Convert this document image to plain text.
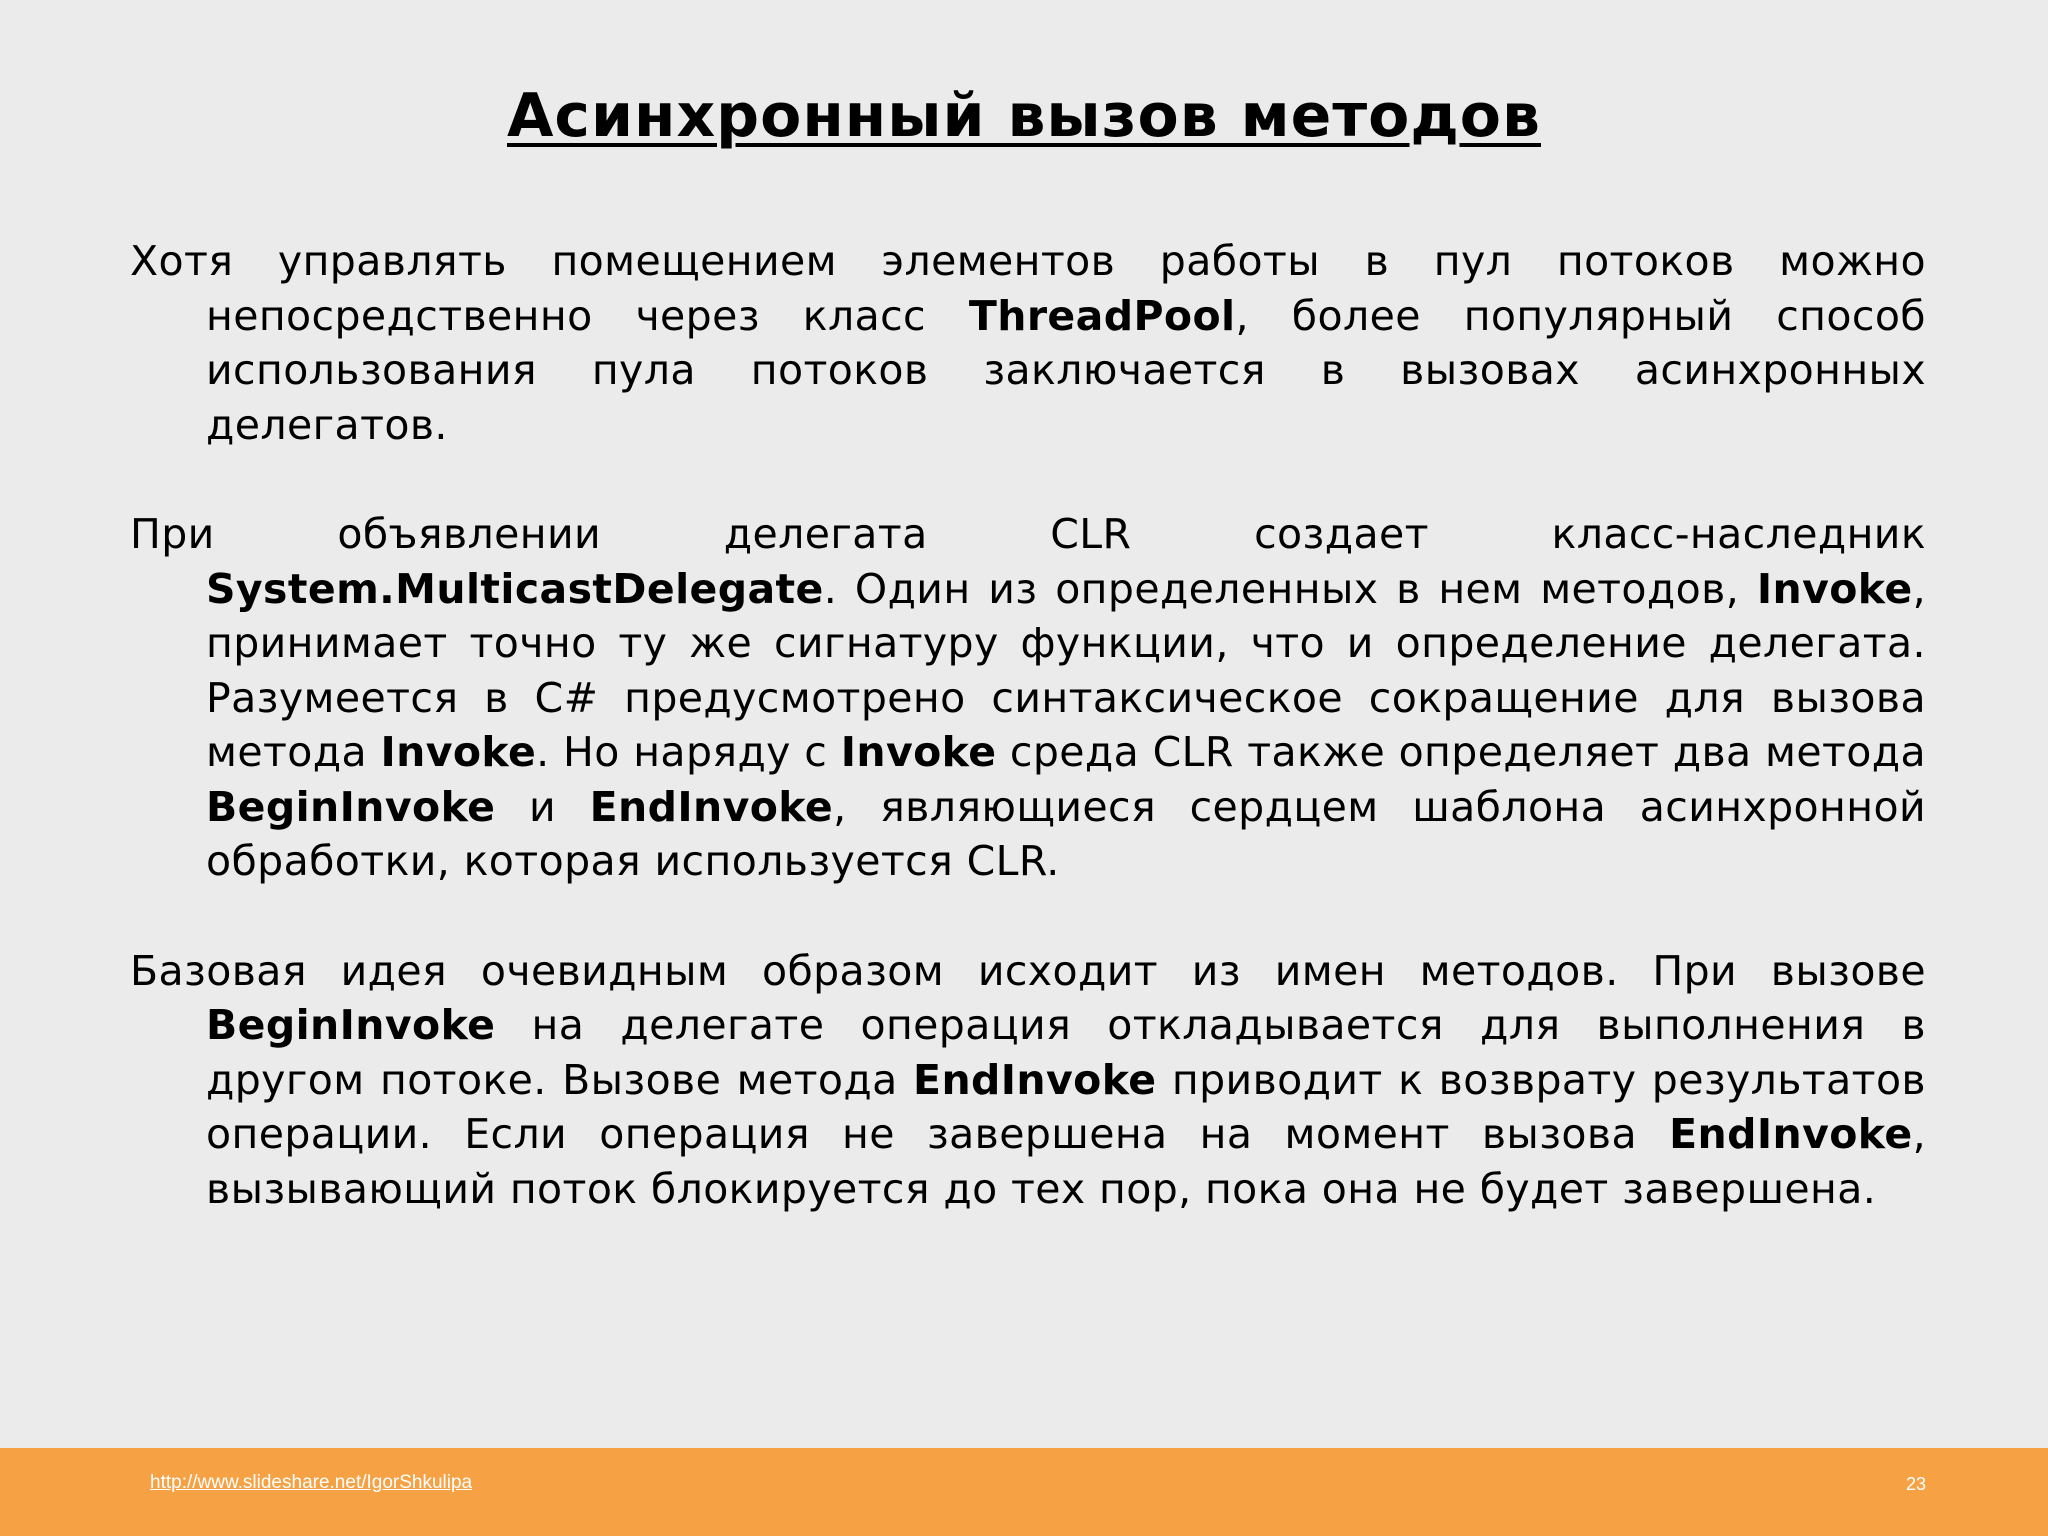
Асинхронный вызов методов

Хотя управлять помещением элементов работы в пул потоков можно непосредственно через класс ThreadPool, более популярный способ использования пула потоков заключается в вызовах асинхронных делегатов.

При объявлении делегата CLR создает класс-наследник System.MulticastDelegate. Один из определенных в нем методов, Invoke, принимает точно ту же сигнатуру функции, что и определение делегата. Разумеется в C# предусмотрено синтаксическое сокращение для вызова метода Invoke. Но наряду с Invoke среда CLR также определяет два метода BeginInvoke и EndInvoke, являющиеся сердцем шаблона асинхронной обработки, которая используется CLR.

Базовая идея очевидным образом исходит из имен методов. При вызове BeginInvoke на делегате операция откладывается для выполнения в другом потоке. Вызове метода EndInvoke приводит к возврату результатов операции. Если операция не завершена на момент вызова EndInvoke, вызывающий поток блокируется до тех пор, пока она не будет завершена.

http://www.slideshare.net/IgorShkulipa	23
